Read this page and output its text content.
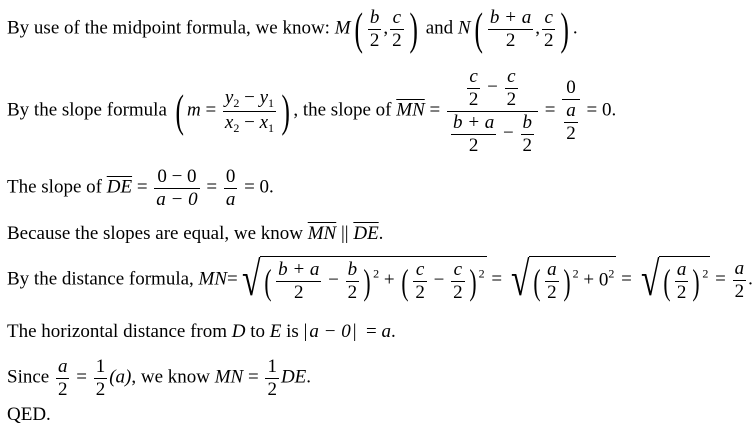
By use of the midpoint formula, we know: $M( \frac{b}{2}$ , $\frac{c}{2}$ ) and $N( \frac{b + a}{2}$ , $\frac{c}{2}$ ) .
By the slope formula ( $m = \frac{y_2 - y_1}{x_2 - x_1}$ ) , the slope of $\overline{MN} = \frac{\frac{c}{2} - \frac{c}{2}}{\frac{b + a}{2} - \frac{b}{2}} = \frac{0}{\frac{a}{2}} = 0$.
The slope of $\overline{DE} = \frac{0 - 0}{a - 0} = \frac{0}{a} = 0$.
Because the slopes are equal, we know $\overline{MN}$ || $\overline{DE}$.
By the distance formula, MN=√ ( $\frac{b + a}{2} - \frac{b}{2}$ ) $^2$ + ( $\frac{c}{2} - \frac{c}{2}$ ) $^2$ = √ ( $\frac{a}{2}$ ) $^2 + 0^2$ = √ ( $\frac{a}{2}$ ) $^2 = \frac{a}{2}$ .
The horizontal distance from D to E is | a − 0 |  = a.
Since $\frac{a}{2} = \frac{1}{2} (a)$, we know MN = $\frac{1}{2}$ DE.
QED.
